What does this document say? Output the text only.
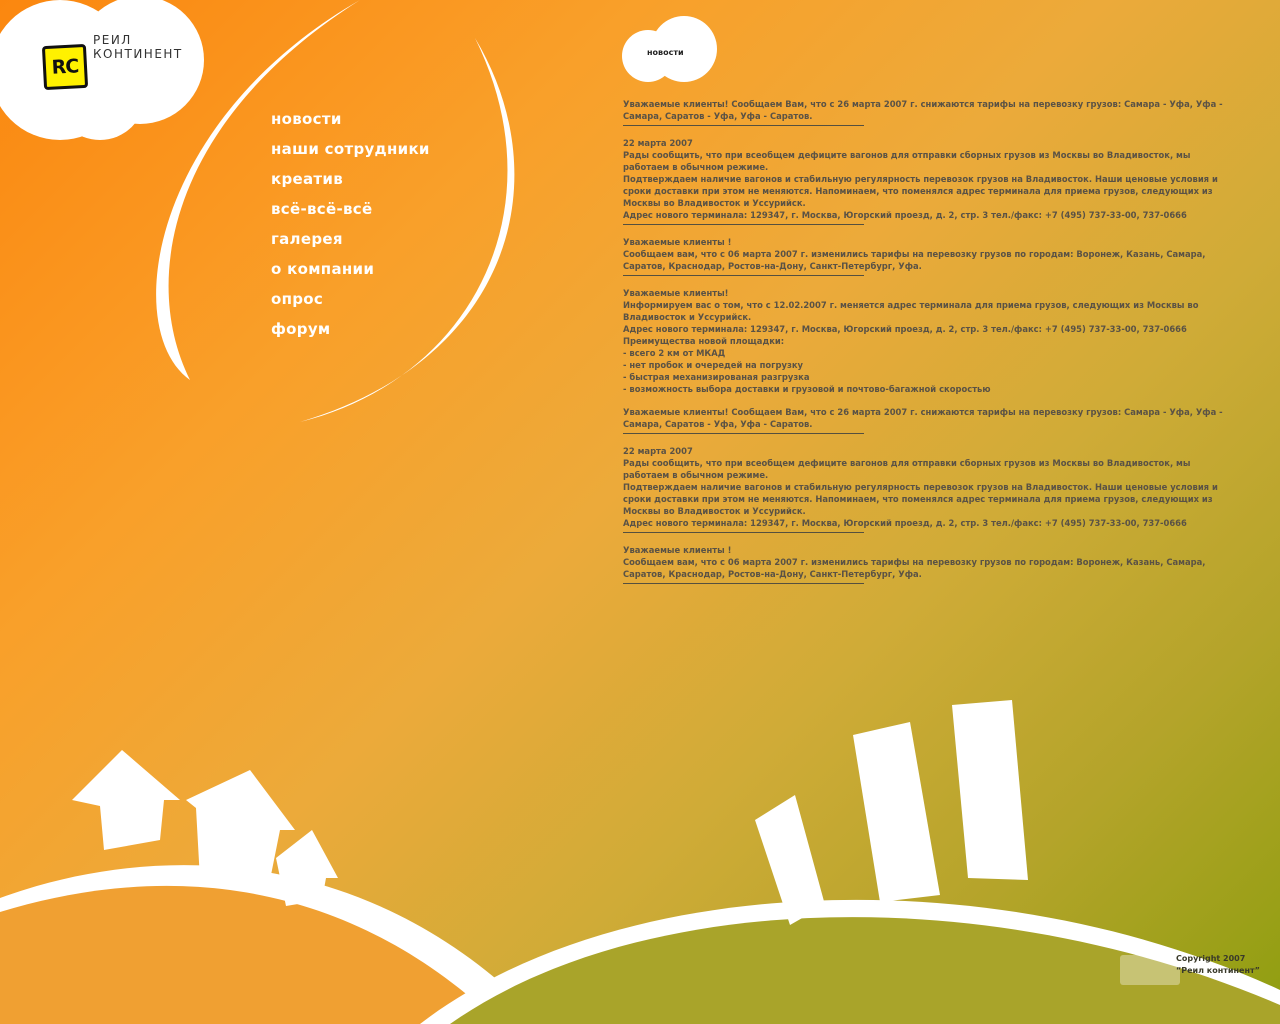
RC
РЕИЛ
КОНТИНЕНТ
новости
наши сотрудники
креатив
всё-всё-всё
галерея
о компании
опрос
форум
новости

Уважаемые клиенты! Сообщаем Вам, что с 26 марта 2007 г. снижаются тарифы на перевозку грузов: Самара - Уфа, Уфа - Самара, Саратов - Уфа, Уфа - Саратов.

22 марта 2007

Рады сообщить, что при всеобщем дефиците вагонов для отправки сборных грузов из Москвы во Владивосток, мы работаем в обычном режиме.

Подтверждаем наличие вагонов и стабильную регулярность перевозок грузов на Владивосток. Наши ценовые условия и сроки доставки при этом не меняются. Напоминаем, что поменялся адрес терминала для приема грузов, следующих из Москвы во Владивосток и Уссурийск.

Адрес нового терминала: 129347, г. Москва, Югорский проезд, д. 2, стр. 3 тел./факс: +7 (495) 737-33-00, 737-0666

Уважаемые клиенты !

Сообщаем вам, что с 06 марта 2007 г. изменились тарифы на перевозку грузов по городам: Воронеж, Казань, Самара, Саратов, Краснодар, Ростов-на-Дону, Санкт-Петербург, Уфа.

Уважаемые клиенты!

Информируем вас о том, что с 12.02.2007 г. меняется адрес терминала для приема грузов, следующих из Москвы во Владивосток и Уссурийск.

Адрес нового терминала: 129347, г. Москва, Югорский проезд, д. 2, стр. 3 тел./факс: +7 (495) 737-33-00, 737-0666

Преимущества новой площадки:

- всего 2 км от МКАД

- нет пробок и очередей на погрузку

- быстрая механизированая разгрузка

- возможность выбора доставки и грузовой и почтово-багажной скоростью

Уважаемые клиенты! Сообщаем Вам, что с 26 марта 2007 г. снижаются тарифы на перевозку грузов: Самара - Уфа, Уфа - Самара, Саратов - Уфа, Уфа - Саратов.

22 марта 2007

Рады сообщить, что при всеобщем дефиците вагонов для отправки сборных грузов из Москвы во Владивосток, мы работаем в обычном режиме.

Подтверждаем наличие вагонов и стабильную регулярность перевозок грузов на Владивосток. Наши ценовые условия и сроки доставки при этом не меняются. Напоминаем, что поменялся адрес терминала для приема грузов, следующих из Москвы во Владивосток и Уссурийск.

Адрес нового терминала: 129347, г. Москва, Югорский проезд, д. 2, стр. 3 тел./факс: +7 (495) 737-33-00, 737-0666

Уважаемые клиенты !

Сообщаем вам, что с 06 марта 2007 г. изменились тарифы на перевозку грузов по городам: Воронеж, Казань, Самара, Саратов, Краснодар, Ростов-на-Дону, Санкт-Петербург, Уфа.

Copyright 2007
“Реил континент”
